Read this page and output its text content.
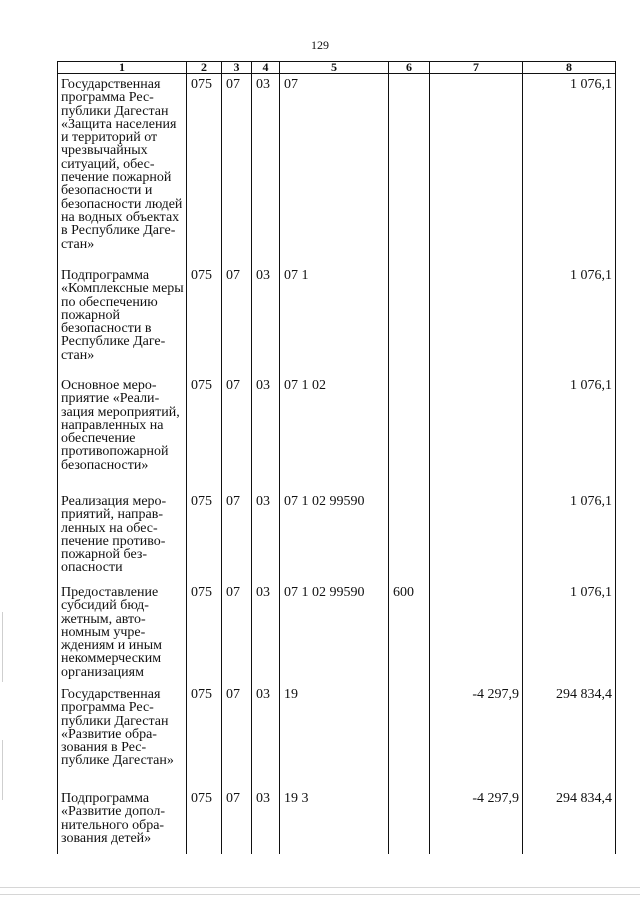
129
1	2	3	4	5	6	7	8
Государственная программа Республики Дагестан «Защита населения и территорий от чрезвычайных ситуаций, обеспечение пожарной безопасности и безопасности людей на водных объектах в Республике Дагестан»	075	07	03	07			1 076,1
Подпрограмма «Комплексные меры по обеспечению пожарной безопасности в Республике Дагестан»	075	07	03	07 1			1 076,1
Основное мероприятие «Реализация мероприятий, направленных на обеспечение противопожарной безопасности»	075	07	03	07 1 02			1 076,1
Реализация мероприятий, направленных на обеспечение противопожарной безопасности	075	07	03	07 1 02 99590			1 076,1
Предоставление субсидий бюджетным, автономным учреждениям и иным некоммерческим организациям	075	07	03	07 1 02 99590	600		1 076,1
Государственная программа Республики Дагестан «Развитие образования в Республике Дагестан»	075	07	03	19		-4 297,9	294 834,4
Подпрограмма «Развитие дополнительного образования детей»	075	07	03	19 3		-4 297,9	294 834,4
